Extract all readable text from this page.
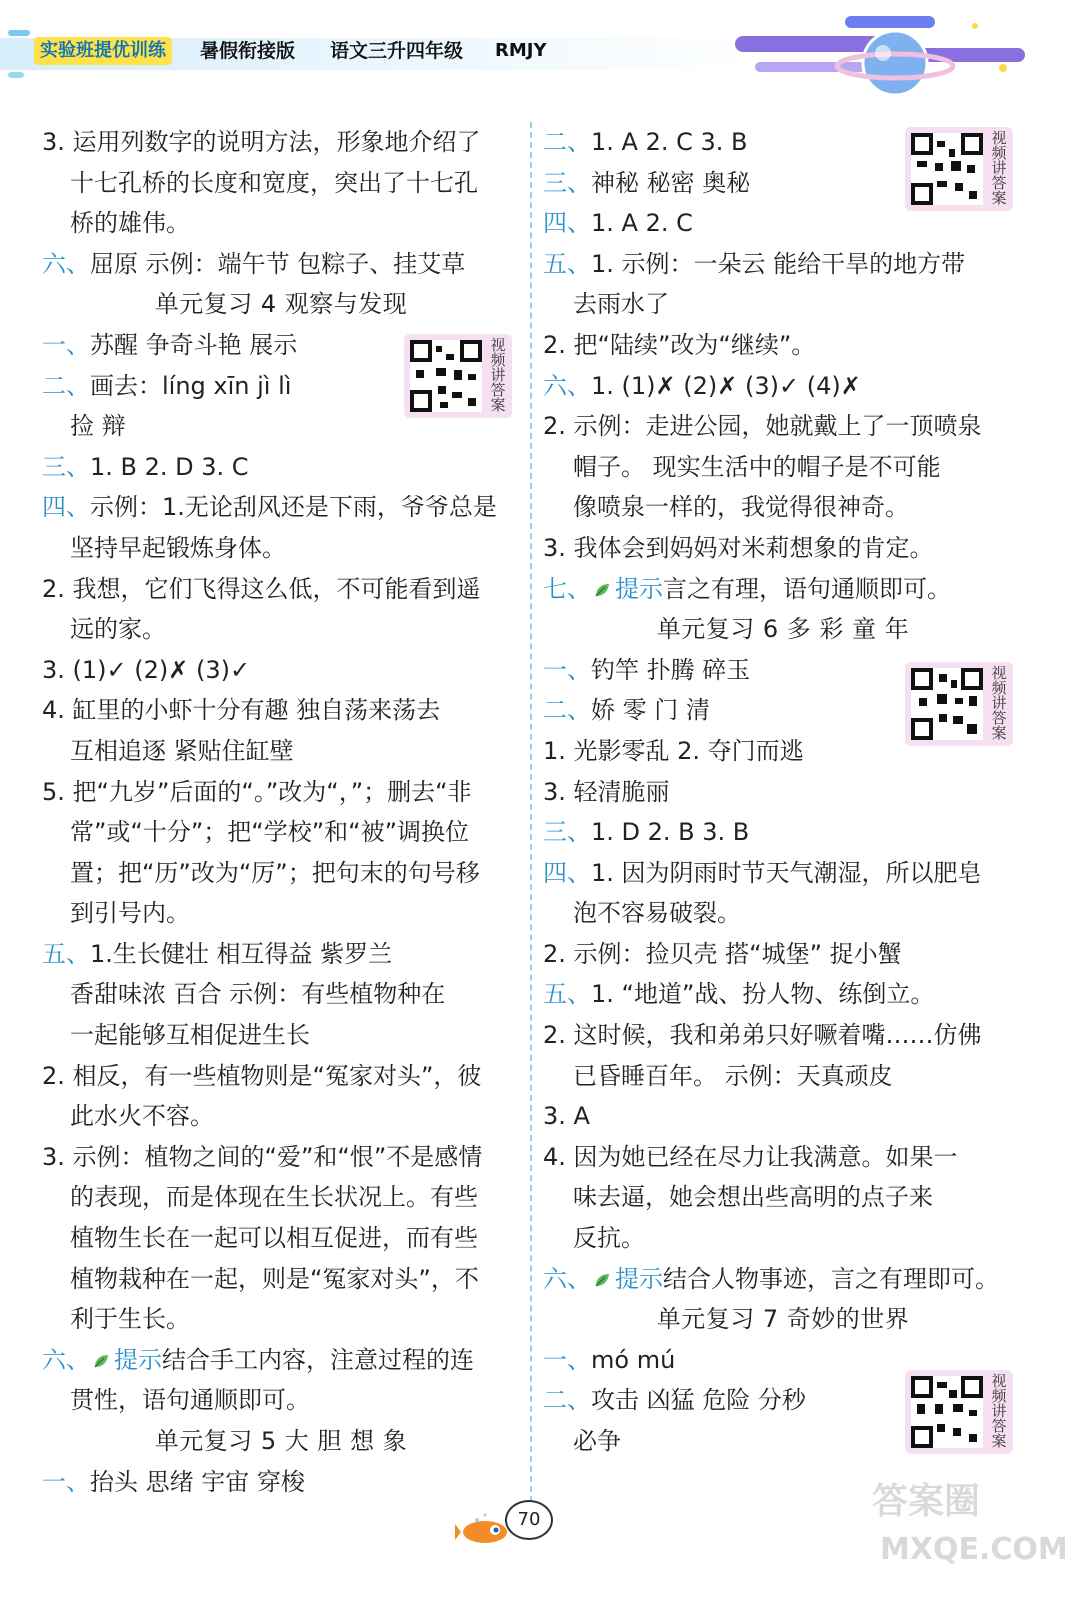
实验班提优训练	暑假衔接版 语文三升四年级 RMJY
3. 运用列数字的说明方法，形象地介绍了
十七孔桥的长度和宽度，突出了十七孔
桥的雄伟。
六、屈原 示例：端午节 包粽子、挂艾草
单元复习 4 观察与发现
一、苏醒 争奇斗艳 展示
二、画去：líng xīn jì lì
捡 辩
三、1. B 2. D 3. C
四、示例：1.无论刮风还是下雨，爷爷总是
坚持早起锻炼身体。
2. 我想，它们飞得这么低，不可能看到遥
远的家。
3. (1)✓ (2)✗ (3)✓
4. 缸里的小虾十分有趣 独自荡来荡去
互相追逐 紧贴住缸壁
5. 把“九岁”后面的“。”改为“，”；删去“非
常”或“十分”；把“学校”和“被”调换位
置；把“历”改为“厉”；把句末的句号移
到引号内。
五、1.生长健壮 相互得益 紫罗兰
香甜味浓 百合 示例：有些植物种在
一起能够互相促进生长
2. 相反，有一些植物则是“冤家对头”，彼
此水火不容。
3. 示例：植物之间的“爱”和“恨”不是感情
的表现，而是体现在生长状况上。有些
植物生长在一起可以相互促进，而有些
植物栽种在一起，则是“冤家对头”，不
利于生长。
六、 提示结合手工内容，注意过程的连
贯性，语句通顺即可。
单元复习 5 大 胆 想 象
一、抬头 思绪 宇宙 穿梭
视频讲答案
二、1. A 2. C 3. B
三、神秘 秘密 奥秘
四、1. A 2. C
五、1. 示例：一朵云 能给干旱的地方带
去雨水了
2. 把“陆续”改为“继续”。
六、1. (1)✗ (2)✗ (3)✓ (4)✗
2. 示例：走进公园，她就戴上了一顶喷泉
帽子。 现实生活中的帽子是不可能
像喷泉一样的，我觉得很神奇。
3. 我体会到妈妈对米莉想象的肯定。
七、 提示言之有理，语句通顺即可。
单元复习 6 多 彩 童 年
一、钓竿 扑腾 碎玉
二、娇 零 门 清
1. 光影零乱 2. 夺门而逃
3. 轻清脆丽
三、1. D 2. B 3. B
四、1. 因为阴雨时节天气潮湿，所以肥皂
泡不容易破裂。
2. 示例：捡贝壳 搭“城堡” 捉小蟹
五、1. “地道”战、扮人物、练倒立。
2. 这时候，我和弟弟只好噘着嘴……仿佛
已昏睡百年。 示例：天真顽皮
3. A
4. 因为她已经在尽力让我满意。如果一
味去逼，她会想出些高明的点子来
反抗。
六、 提示结合人物事迹，言之有理即可。
单元复习 7 奇妙的世界
一、mó mú
二、攻击 凶猛 危险 分秒
必争
视频讲答案
视频讲答案
视频讲答案
70	答案圈
MXQE.COM
